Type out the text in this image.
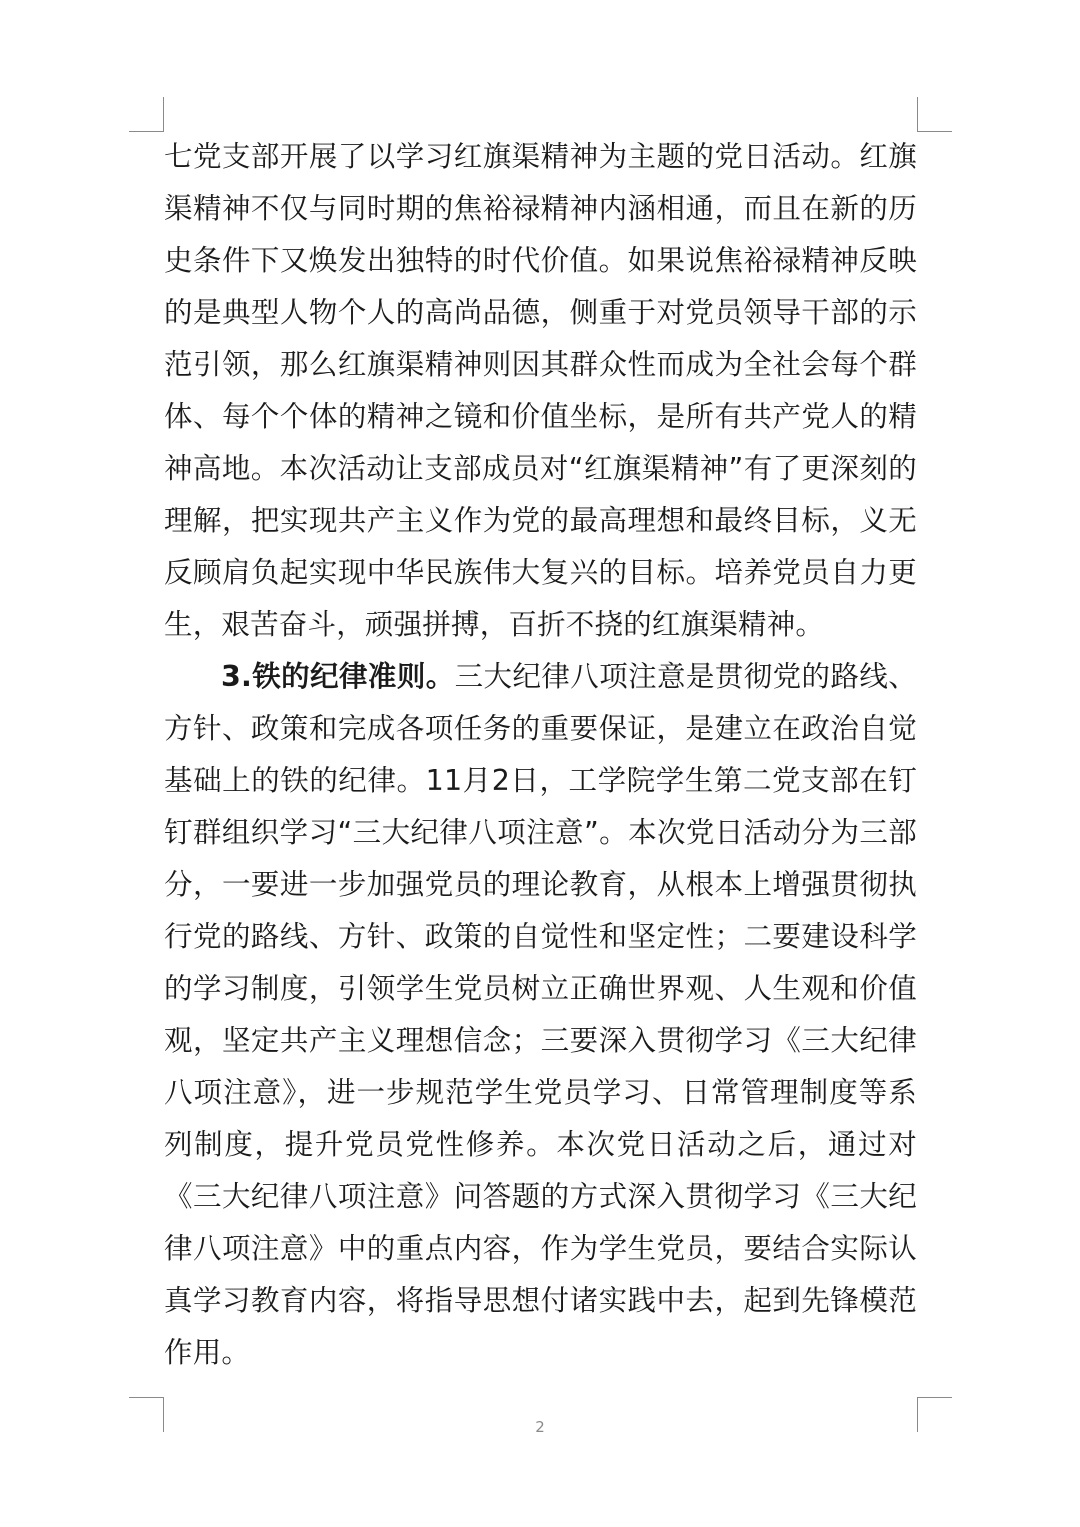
七党支部开展了以学习红旗渠精神为主题的党日活动。红旗渠精神不仅与同时期的焦裕禄精神内涵相通，而且在新的历史条件下又焕发出独特的时代价值。如果说焦裕禄精神反映的是典型人物个人的高尚品德，侧重于对党员领导干部的示范引领，那么红旗渠精神则因其群众性而成为全社会每个群体、每个个体的精神之镜和价值坐标，是所有共产党人的精神高地。本次活动让支部成员对“红旗渠精神”有了更深刻的理解，把实现共产主义作为党的最高理想和最终目标，义无反顾肩负起实现中华民族伟大复兴的目标。培养党员自力更生，艰苦奋斗，顽强拼搏，百折不挠的红旗渠精神。

3.铁的纪律准则。三大纪律八项注意是贯彻党的路线、方针、政策和完成各项任务的重要保证，是建立在政治自觉基础上的铁的纪律。11月2日，工学院学生第二党支部在钉钉群组织学习“三大纪律八项注意”。本次党日活动分为三部分，一要进一步加强党员的理论教育，从根本上增强贯彻执行党的路线、方针、政策的自觉性和坚定性；二要建设科学的学习制度，引领学生党员树立正确世界观、人生观和价值观，坚定共产主义理想信念；三要深入贯彻学习《三大纪律八项注意》，进一步规范学生党员学习、日常管理制度等系列制度，提升党员党性修养。本次党日活动之后，通过对《三大纪律八项注意》问答题的方式深入贯彻学习《三大纪律八项注意》中的重点内容，作为学生党员，要结合实际认真学习教育内容，将指导思想付诸实践中去，起到先锋模范作用。

2
